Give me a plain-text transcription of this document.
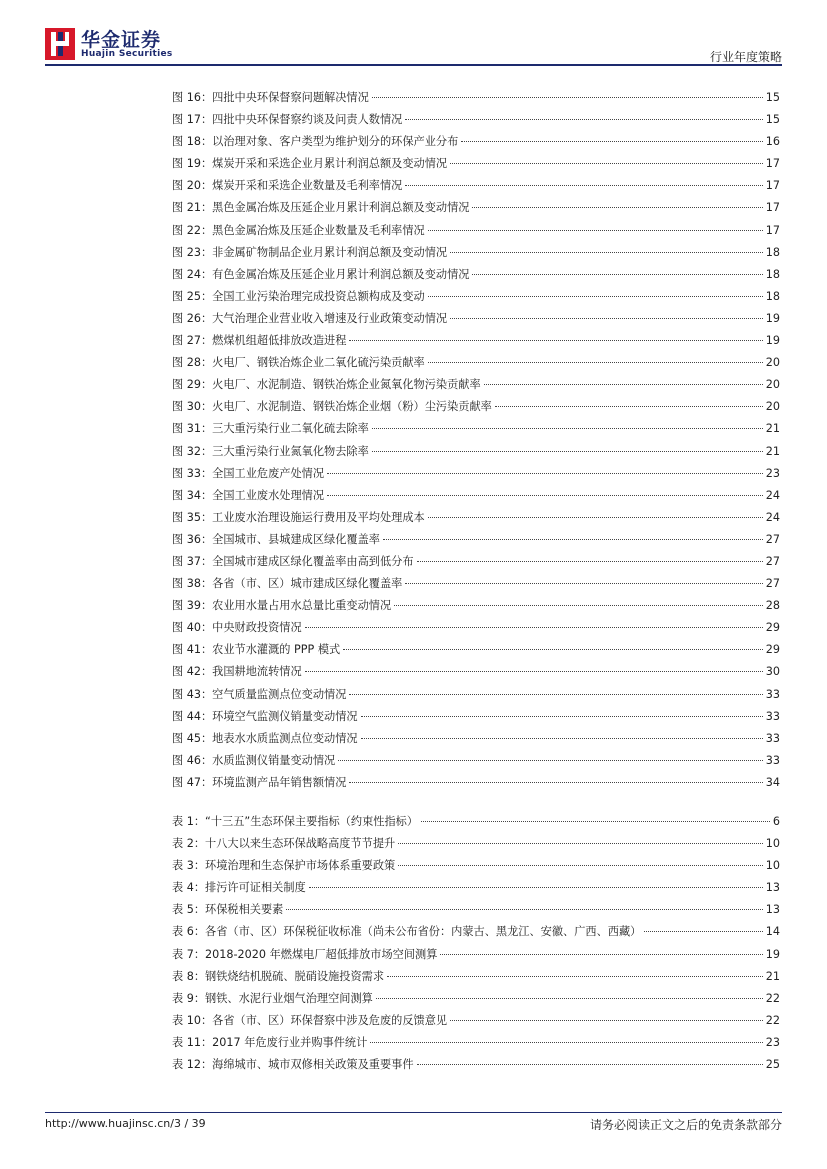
华金证券
Huajin Securities	行业年度策略
图 16：四批中央环保督察问题解决情况	15
图 17：四批中央环保督察约谈及问责人数情况	15
图 18：以治理对象、客户类型为维护划分的环保产业分布	16
图 19：煤炭开采和采选企业月累计利润总额及变动情况	17
图 20：煤炭开采和采选企业数量及毛利率情况	17
图 21：黑色金属冶炼及压延企业月累计利润总额及变动情况	17
图 22：黑色金属冶炼及压延企业数量及毛利率情况	17
图 23：非金属矿物制品企业月累计利润总额及变动情况	18
图 24：有色金属冶炼及压延企业月累计利润总额及变动情况	18
图 25：全国工业污染治理完成投资总额构成及变动	18
图 26：大气治理企业营业收入增速及行业政策变动情况	19
图 27：燃煤机组超低排放改造进程	19
图 28：火电厂、钢铁冶炼企业二氧化硫污染贡献率	20
图 29：火电厂、水泥制造、钢铁冶炼企业氮氧化物污染贡献率	20
图 30：火电厂、水泥制造、钢铁冶炼企业烟（粉）尘污染贡献率	20
图 31：三大重污染行业二氧化硫去除率	21
图 32：三大重污染行业氮氧化物去除率	21
图 33：全国工业危废产处情况	23
图 34：全国工业废水处理情况	24
图 35：工业废水治理设施运行费用及平均处理成本	24
图 36：全国城市、县城建成区绿化覆盖率	27
图 37：全国城市建成区绿化覆盖率由高到低分布	27
图 38：各省（市、区）城市建成区绿化覆盖率	27
图 39：农业用水量占用水总量比重变动情况	28
图 40：中央财政投资情况	29
图 41：农业节水灌溉的 PPP 模式	29
图 42：我国耕地流转情况	30
图 43：空气质量监测点位变动情况	33
图 44：环境空气监测仪销量变动情况	33
图 45：地表水水质监测点位变动情况	33
图 46：水质监测仪销量变动情况	33
图 47：环境监测产品年销售额情况	34
表 1：“十三五”生态环保主要指标（约束性指标）	6
表 2：十八大以来生态环保战略高度节节提升	10
表 3：环境治理和生态保护市场体系重要政策	10
表 4：排污许可证相关制度	13
表 5：环保税相关要素	13
表 6：各省（市、区）环保税征收标准（尚未公布省份：内蒙古、黑龙江、安徽、广西、西藏）	14
表 7：2018-2020 年燃煤电厂超低排放市场空间测算	19
表 8：钢铁烧结机脱硫、脱硝设施投资需求	21
表 9：钢铁、水泥行业烟气治理空间测算	22
表 10：各省（市、区）环保督察中涉及危废的反馈意见	22
表 11：2017 年危废行业并购事件统计	23
表 12：海绵城市、城市双修相关政策及重要事件	25
http://www.huajinsc.cn/3 / 39	请务必阅读正文之后的免责条款部分
